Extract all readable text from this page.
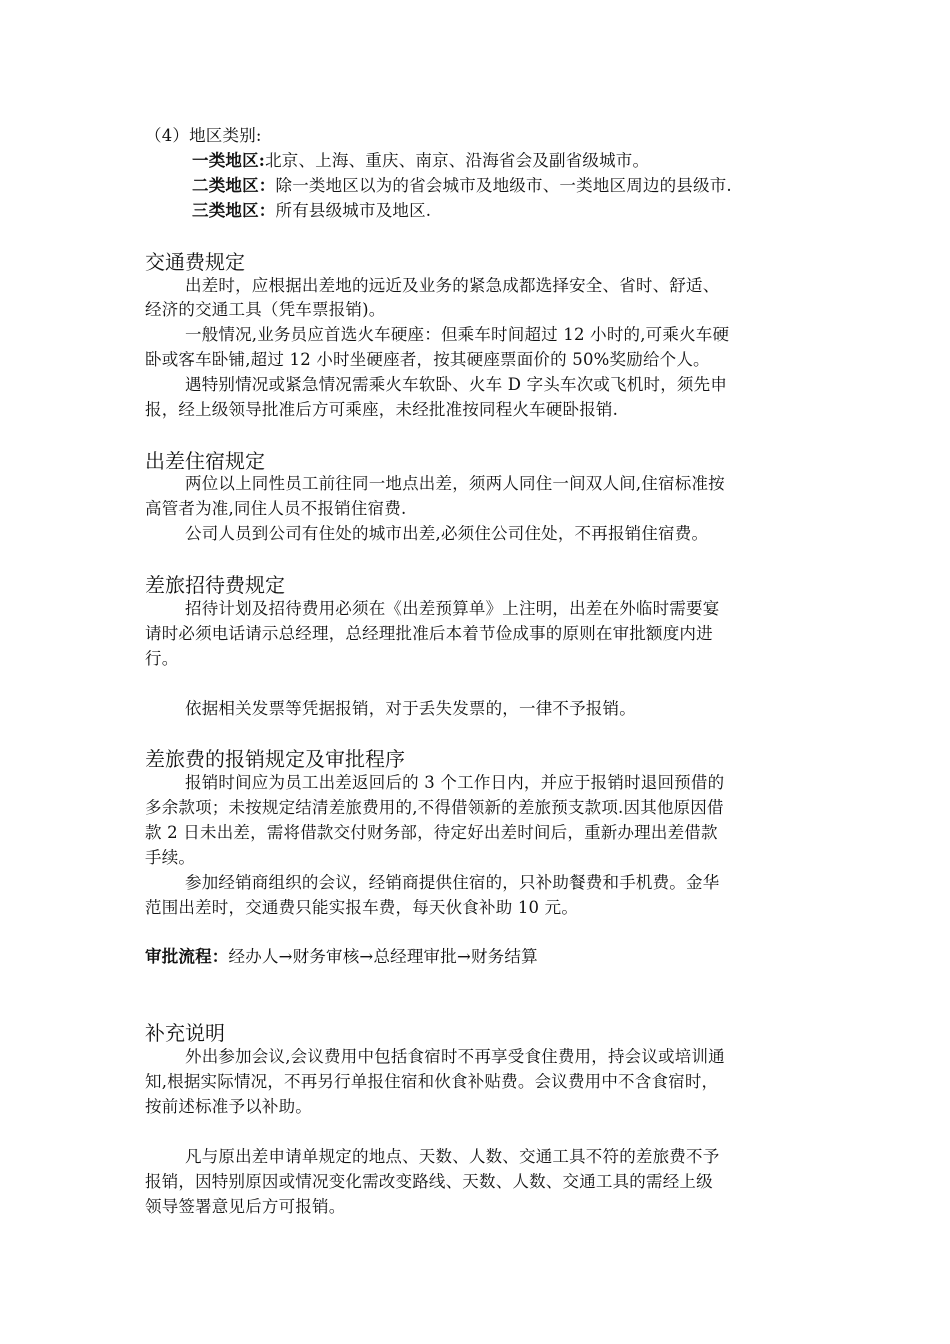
（4）地区类别:
一类地区:北京、上海、重庆、南京、沿海省会及副省级城市。
二类地区：除一类地区以为的省会城市及地级市、一类地区周边的县级市.
三类地区：所有县级城市及地区.
交通费规定
出差时，应根据出差地的远近及业务的紧急成都选择安全、省时、舒适、
经济的交通工具（凭车票报销)。
一般情况,业务员应首选火车硬座：但乘车时间超过 12 小时的,可乘火车硬
卧或客车卧铺,超过 12 小时坐硬座者，按其硬座票面价的 50%奖励给个人。
遇特别情况或紧急情况需乘火车软卧、火车 D 字头车次或飞机时，须先申
报，经上级领导批准后方可乘座，未经批准按同程火车硬卧报销.
出差住宿规定
两位以上同性员工前往同一地点出差，须两人同住一间双人间,住宿标准按
高管者为准,同住人员不报销住宿费.
公司人员到公司有住处的城市出差,必须住公司住处，不再报销住宿费。
差旅招待费规定
招待计划及招待费用必须在《出差预算单》上注明，出差在外临时需要宴
请时必须电话请示总经理，总经理批准后本着节俭成事的原则在审批额度内进
行。
依据相关发票等凭据报销，对于丢失发票的，一律不予报销。
差旅费的报销规定及审批程序
报销时间应为员工出差返回后的 3 个工作日内，并应于报销时退回预借的
多余款项；未按规定结清差旅费用的,不得借领新的差旅预支款项.因其他原因借
款 2 日未出差，需将借款交付财务部，待定好出差时间后，重新办理出差借款
手续。
参加经销商组织的会议，经销商提供住宿的，只补助餐费和手机费。金华
范围出差时，交通费只能实报车费，每天伙食补助 10 元。
审批流程：经办人→财务审核→总经理审批→财务结算
补充说明
外出参加会议,会议费用中包括食宿时不再享受食住费用，持会议或培训通
知,根据实际情况，不再另行单报住宿和伙食补贴费。会议费用中不含食宿时，
按前述标准予以补助。
凡与原出差申请单规定的地点、天数、人数、交通工具不符的差旅费不予
报销，因特别原因或情况变化需改变路线、天数、人数、交通工具的需经上级
领导签署意见后方可报销。
